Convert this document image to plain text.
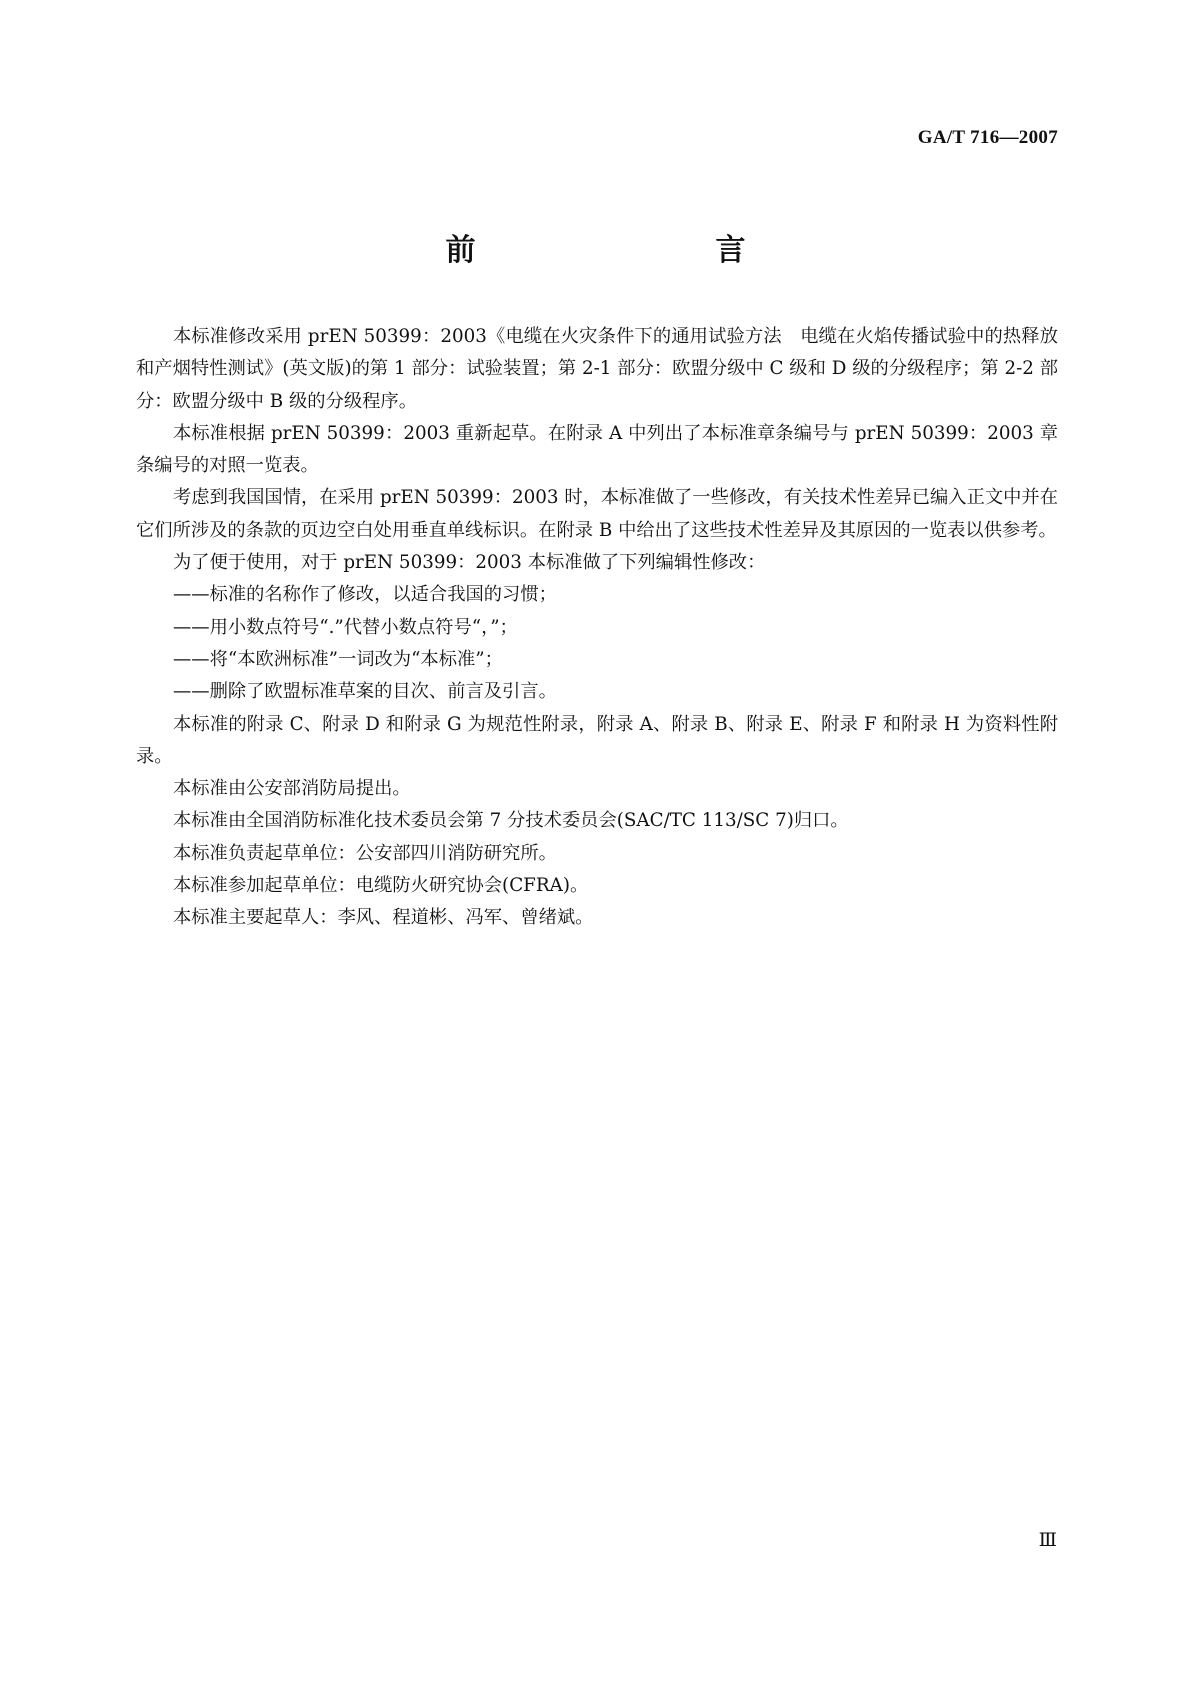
GA/T 716—2007
前　　言

本标准修改采用 prEN 50399：2003《电缆在火灾条件下的通用试验方法　电缆在火焰传播试验中的热释放和产烟特性测试》(英文版)的第 1 部分：试验装置；第 2-1 部分：欧盟分级中 C 级和 D 级的分级程序；第 2-2 部分：欧盟分级中 B 级的分级程序。

本标准根据 prEN 50399：2003 重新起草。在附录 A 中列出了本标准章条编号与 prEN 50399：2003 章条编号的对照一览表。

考虑到我国国情，在采用 prEN 50399：2003 时，本标准做了一些修改，有关技术性差异已编入正文中并在它们所涉及的条款的页边空白处用垂直单线标识。在附录 B 中给出了这些技术性差异及其原因的一览表以供参考。

为了便于使用，对于 prEN 50399：2003 本标准做了下列编辑性修改：

——标准的名称作了修改，以适合我国的习惯；

——用小数点符号“.”代替小数点符号“，”；

——将“本欧洲标准”一词改为“本标准”；

——删除了欧盟标准草案的目次、前言及引言。

本标准的附录 C、附录 D 和附录 G 为规范性附录，附录 A、附录 B、附录 E、附录 F 和附录 H 为资料性附录。

本标准由公安部消防局提出。

本标准由全国消防标准化技术委员会第 7 分技术委员会(SAC/TC 113/SC 7)归口。

本标准负责起草单位：公安部四川消防研究所。

本标准参加起草单位：电缆防火研究协会(CFRA)。

本标准主要起草人：李风、程道彬、冯军、曾绪斌。

Ⅲ
